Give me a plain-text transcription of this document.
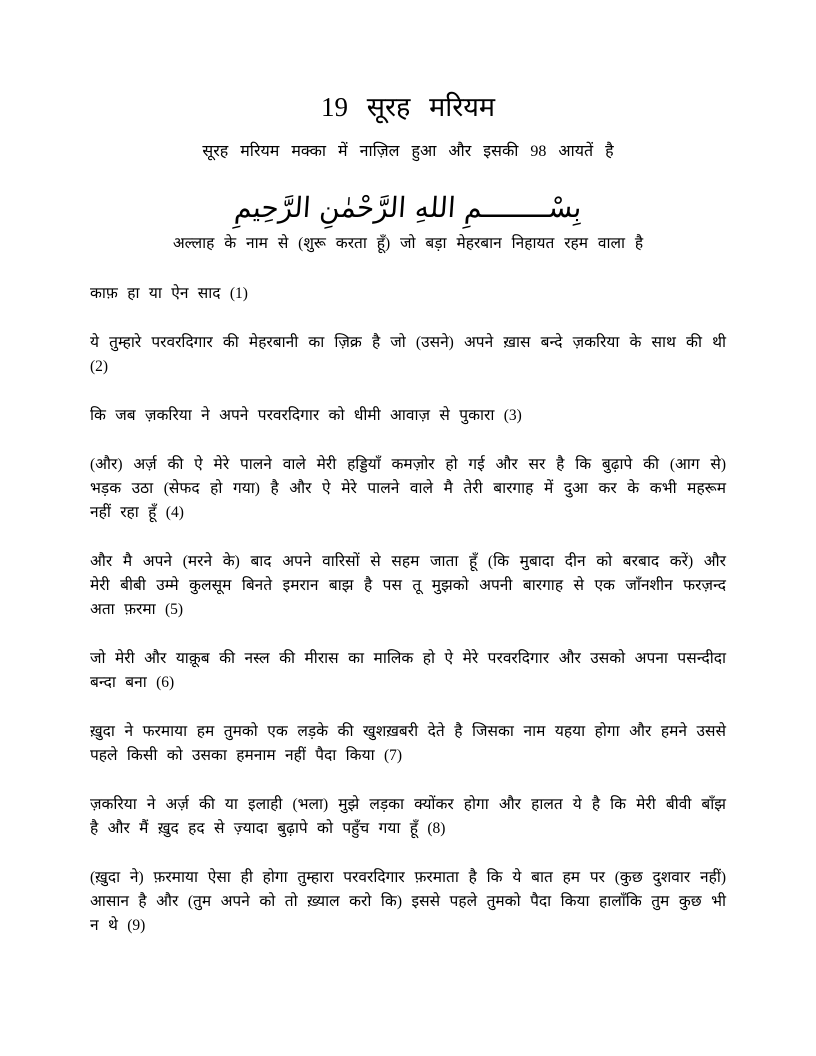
19 सूरह मरियम

सूरह मरियम मक्का में नाज़िल हुआ और इसकी 98 आयतें है

بِسْــــــــمِ اللهِ الرَّحْمٰنِ الرَّحِيمِ

अल्लाह के नाम से (शुरू करता हूँ) जो बड़ा मेहरबान निहायत रहम वाला है

काफ़ हा या ऐन साद (1)

ये तुम्हारे परवरदिगार की मेहरबानी का ज़िक्र है जो (उसने) अपने ख़ास बन्दे ज़करिया के साथ की थी (2)

कि जब ज़करिया ने अपने परवरदिगार को धीमी आवाज़ से पुकारा (3)

(और) अर्ज़ की ऐ मेरे पालने वाले मेरी हड्डियाँ कमज़ोर हो गई और सर है कि बुढ़ापे की (आग से) भड़क उठा (सेफद हो गया) है और ऐ मेरे पालने वाले मै तेरी बारगाह में दुआ कर के कभी महरूम नहीं रहा हूँ (4)

और मै अपने (मरने के) बाद अपने वारिसों से सहम जाता हूँ (कि मुबादा दीन को बरबाद करें) और मेरी बीबी उम्मे कुलसूम बिनते इमरान बाझ है पस तू मुझको अपनी बारगाह से एक जाँनशीन फरज़न्द अता फ़रमा (5)

जो मेरी और याक़ूब की नस्ल की मीरास का मालिक हो ऐ मेरे परवरदिगार और उसको अपना पसन्दीदा बन्दा बना (6)

खु़दा ने फरमाया हम तुमको एक लड़के की खुशख़बरी देते है जिसका नाम यहया होगा और हमने उससे पहले किसी को उसका हमनाम नहीं पैदा किया (7)

ज़करिया ने अर्ज़ की या इलाही (भला) मुझे लड़का क्योंकर होगा और हालत ये है कि मेरी बीवी बाँझ है और मैं खु़द हद से ज़्यादा बुढ़ापे को पहुँच गया हूँ (8)

(खु़दा ने) फ़रमाया ऐसा ही होगा तुम्हारा परवरदिगार फ़रमाता है कि ये बात हम पर (कुछ दुशवार नहीं) आसान है और (तुम अपने को तो ख़्याल करो कि) इससे पहले तुमको पैदा किया हालाँकि तुम कुछ भी न थे (9)
